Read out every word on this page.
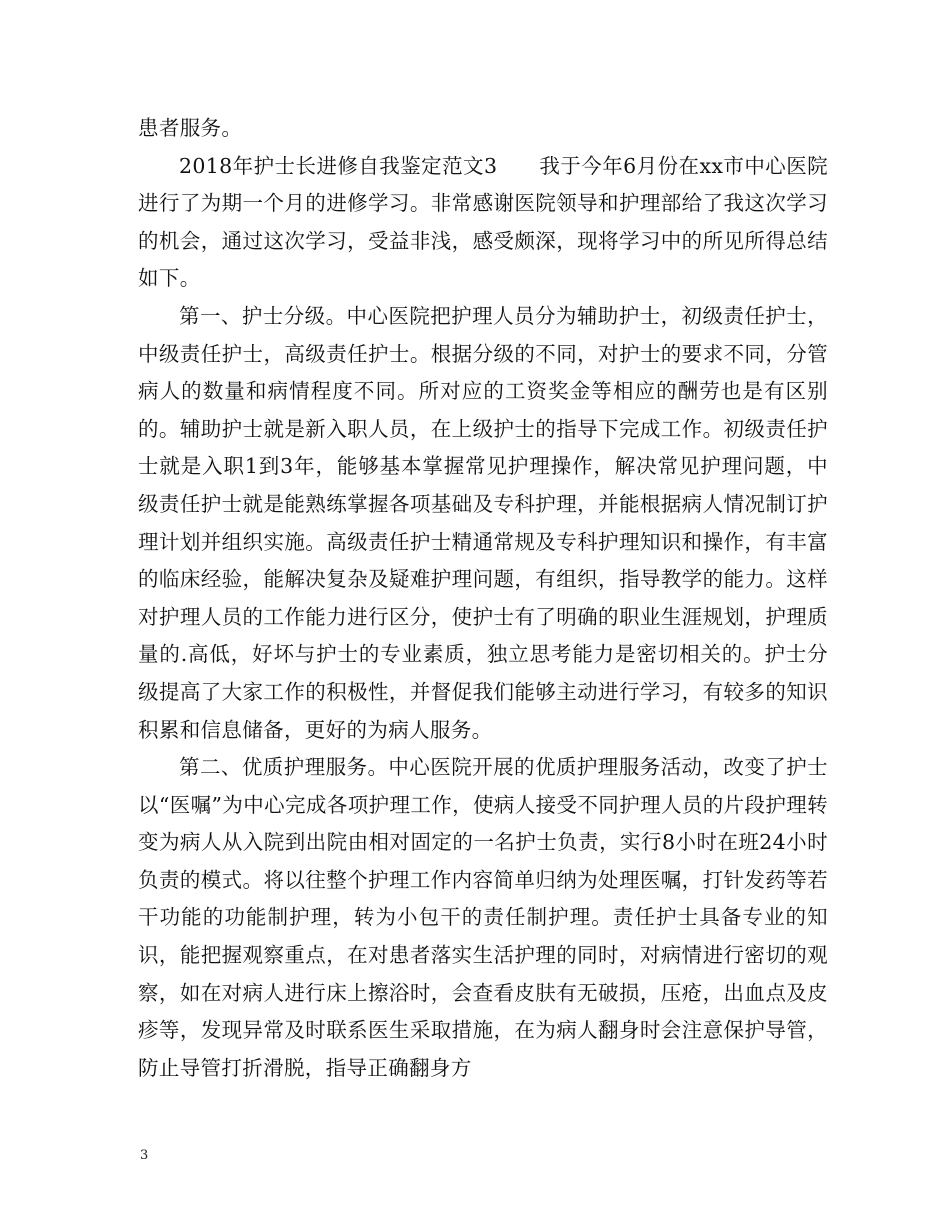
患者服务。

2018年护士长进修自我鉴定范文3　　我于今年6月份在xx市中心医院进行了为期一个月的进修学习。非常感谢医院领导和护理部给了我这次学习的机会，通过这次学习，受益非浅，感受颇深，现将学习中的所见所得总结如下。

第一、护士分级。中心医院把护理人员分为辅助护士，初级责任护士，中级责任护士，高级责任护士。根据分级的不同，对护士的要求不同，分管病人的数量和病情程度不同。所对应的工资奖金等相应的酬劳也是有区别的。辅助护士就是新入职人员，在上级护士的指导下完成工作。初级责任护士就是入职1到3年，能够基本掌握常见护理操作，解决常见护理问题，中级责任护士就是能熟练掌握各项基础及专科护理，并能根据病人情况制订护理计划并组织实施。高级责任护士精通常规及专科护理知识和操作，有丰富的临床经验，能解决复杂及疑难护理问题，有组织，指导教学的能力。这样对护理人员的工作能力进行区分，使护士有了明确的职业生涯规划，护理质量的.高低，好坏与护士的专业素质，独立思考能力是密切相关的。护士分级提高了大家工作的积极性，并督促我们能够主动进行学习，有较多的知识积累和信息储备，更好的为病人服务。

第二、优质护理服务。中心医院开展的优质护理服务活动，改变了护士以“医嘱”为中心完成各项护理工作，使病人接受不同护理人员的片段护理转变为病人从入院到出院由相对固定的一名护士负责，实行8小时在班24小时负责的模式。将以往整个护理工作内容简单归纳为处理医嘱，打针发药等若干功能的功能制护理，转为小包干的责任制护理。责任护士具备专业的知识，能把握观察重点，在对患者落实生活护理的同时，对病情进行密切的观察，如在对病人进行床上擦浴时，会查看皮肤有无破损，压疮，出血点及皮疹等，发现异常及时联系医生采取措施，在为病人翻身时会注意保护导管，防止导管打折滑脱，指导正确翻身方

3
